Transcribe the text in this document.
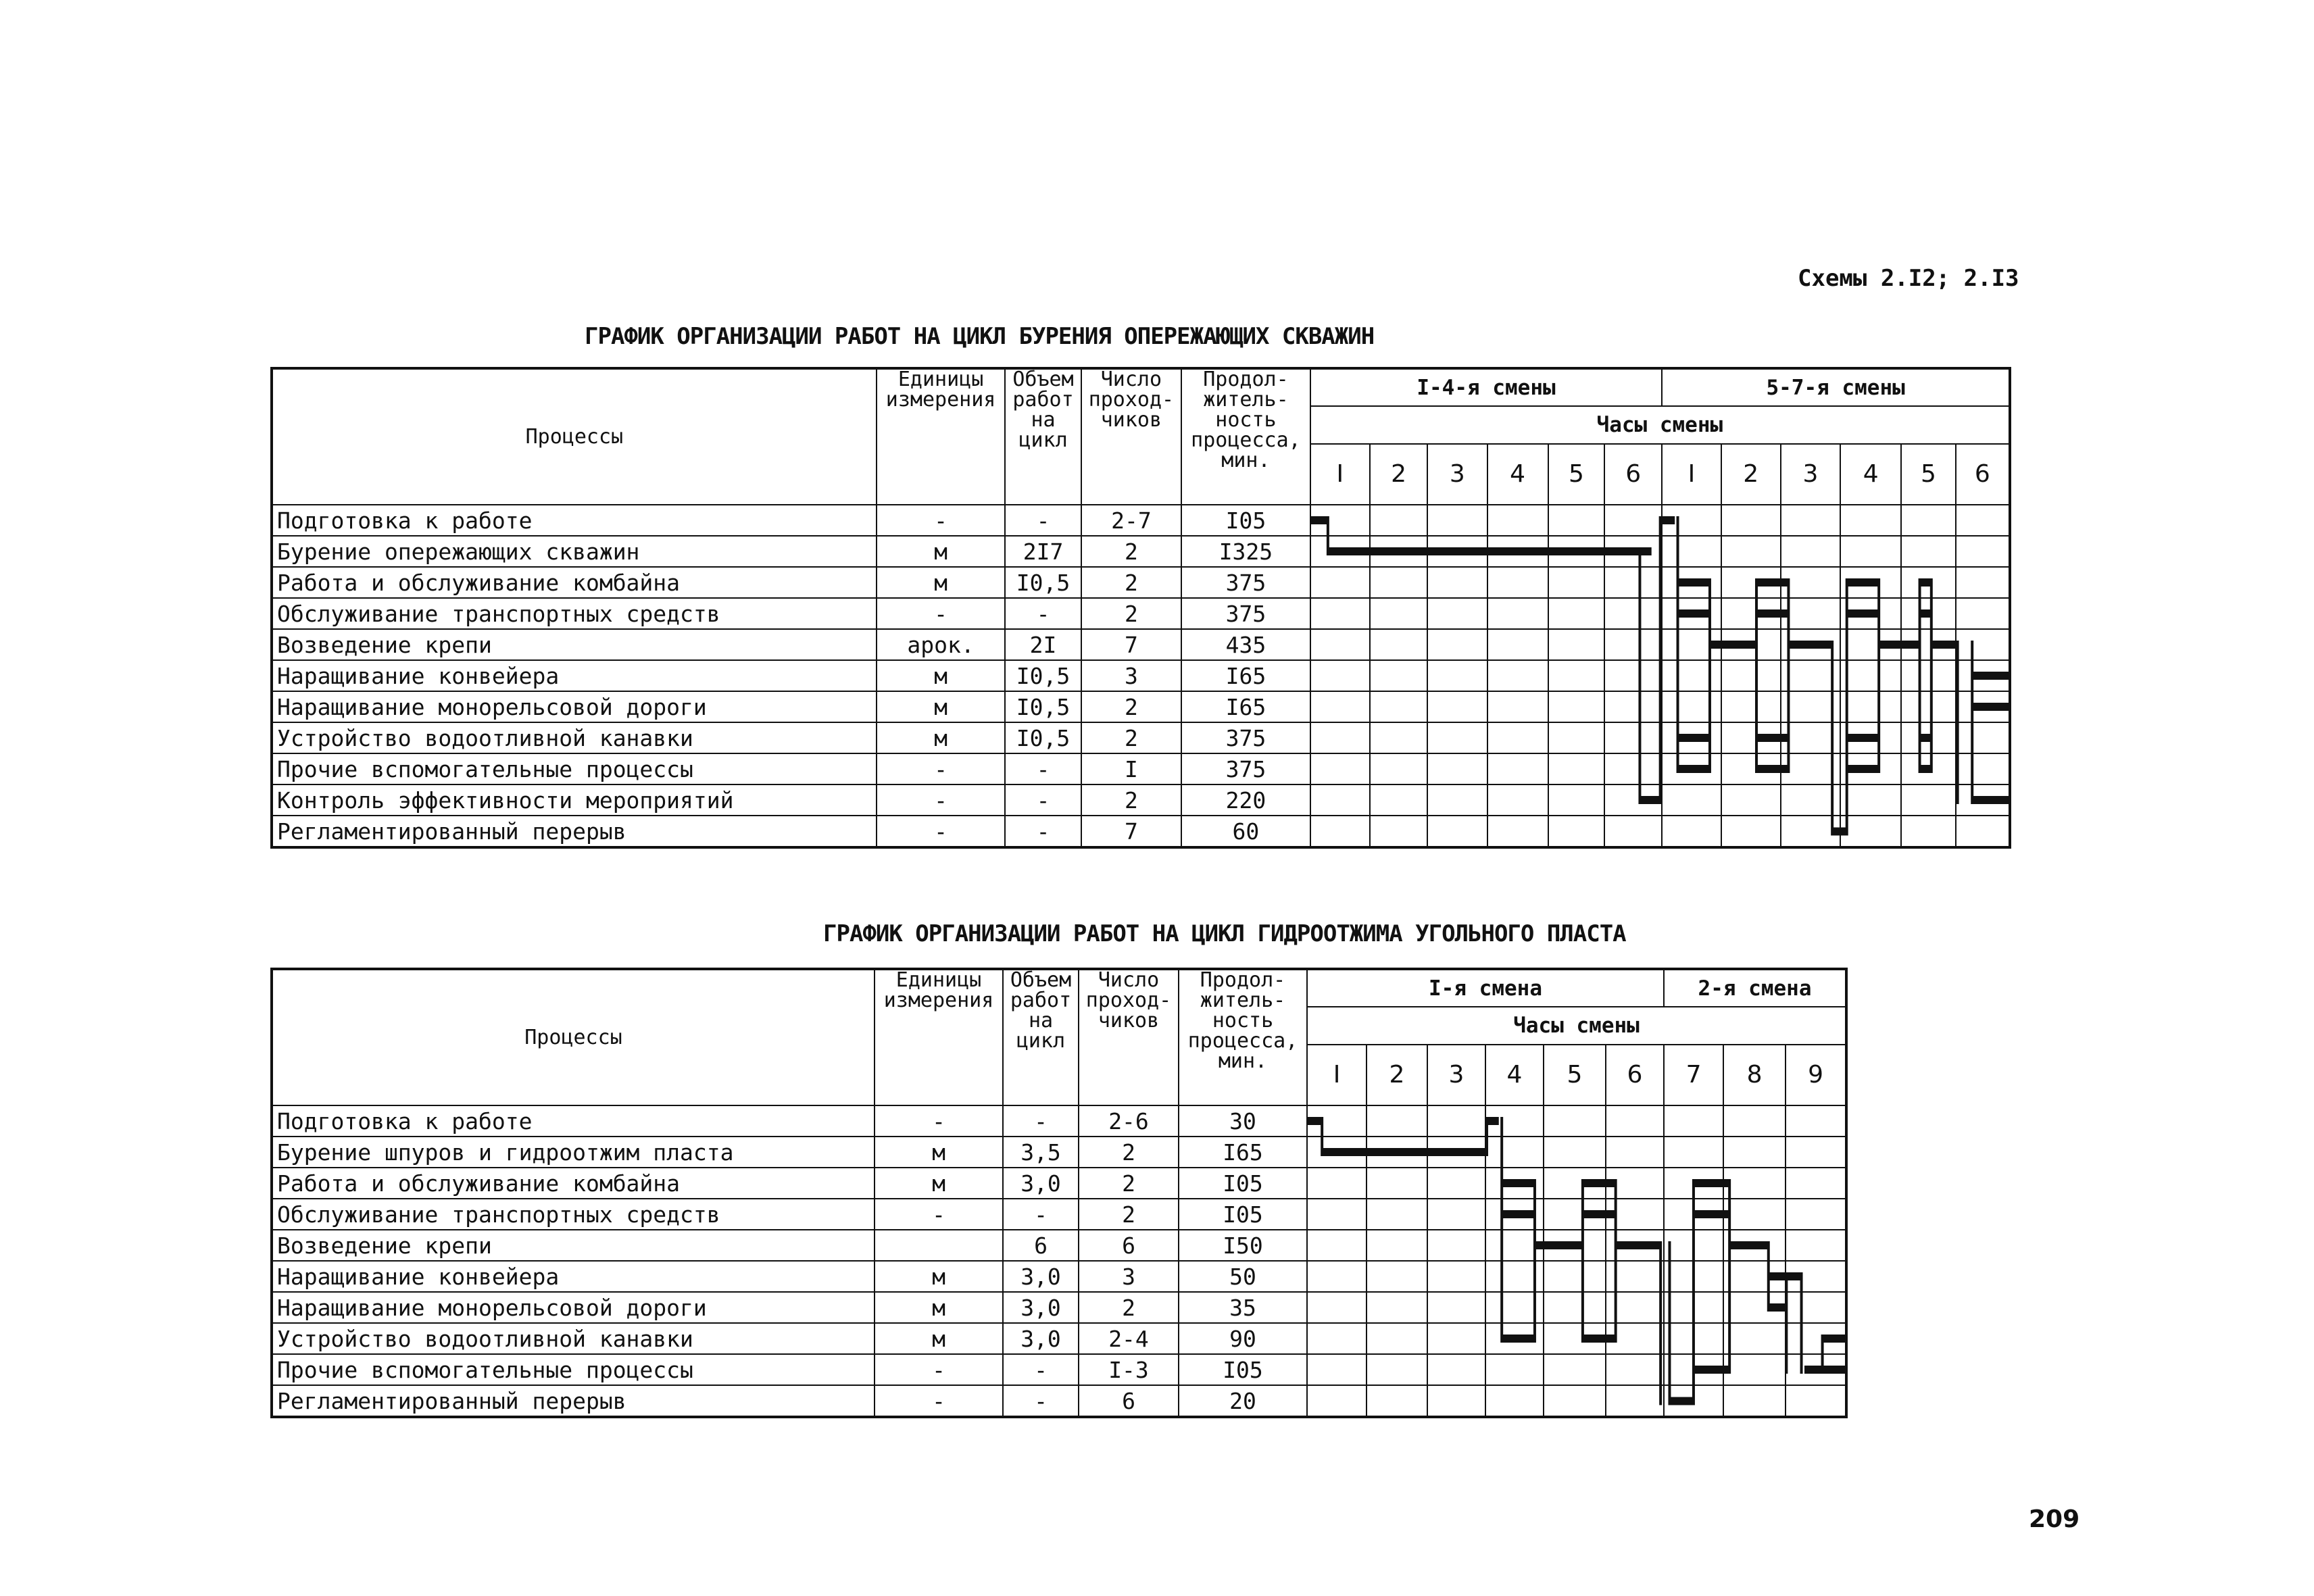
Схемы 2.I2; 2.I3
ГРАФИК ОРГАНИЗАЦИИ РАБОТ НА ЦИКЛ БУРЕНИЯ ОПЕРЕЖАЮЩИХ СКВАЖИН
Процессы	Единицы измерения	Объем работ на цикл	Число проход- чиков	Продол- житель- ность процесса, мин.	I-4-я смены						5-7-я смены					
					Часы смены											
					I	2	3	4	5	6	I	2	3	4	5	6
Подготовка к работе	-	-	2-7	I05												
Бурение опережающих скважин	м	2I7	2	I325												
Работа и обслуживание комбайна	м	I0,5	2	375												
Обслуживание транспортных средств	-	-	2	375												
Возведение крепи	арок.	2I	7	435												
Наращивание конвейера	м	I0,5	3	I65												
Наращивание монорельсовой дороги	м	I0,5	2	I65												
Устройство водоотливной канавки	м	I0,5	2	375												
Прочие вспомогательные процессы	-	-	I	375												
Контроль эффективности мероприятий	-	-	2	220												
Регламентированный перерыв	-	-	7	60												
ГРАФИК ОРГАНИЗАЦИИ РАБОТ НА ЦИКЛ ГИДРООТЖИМА УГОЛЬНОГО ПЛАСТА
Процессы	Единицы измерения	Объем работ на цикл	Число проход- чиков	Продол- житель- ность процесса, мин.	I-я смена						2-я смена		
					Часы смены								
					I	2	3	4	5	6	7	8	9
Подготовка к работе	-	-	2-6	30									
Бурение шпуров и гидроотжим пласта	м	3,5	2	I65									
Работа и обслуживание комбайна	м	3,0	2	I05									
Обслуживание транспортных средств	-	-	2	I05									
Возведение крепи		6	6	I50									
Наращивание конвейера	м	3,0	3	50									
Наращивание монорельсовой дороги	м	3,0	2	35									
Устройство водоотливной канавки	м	3,0	2-4	90									
Прочие вспомогательные процессы	-	-	I-3	I05									
Регламентированный перерыв	-	-	6	20									
209
